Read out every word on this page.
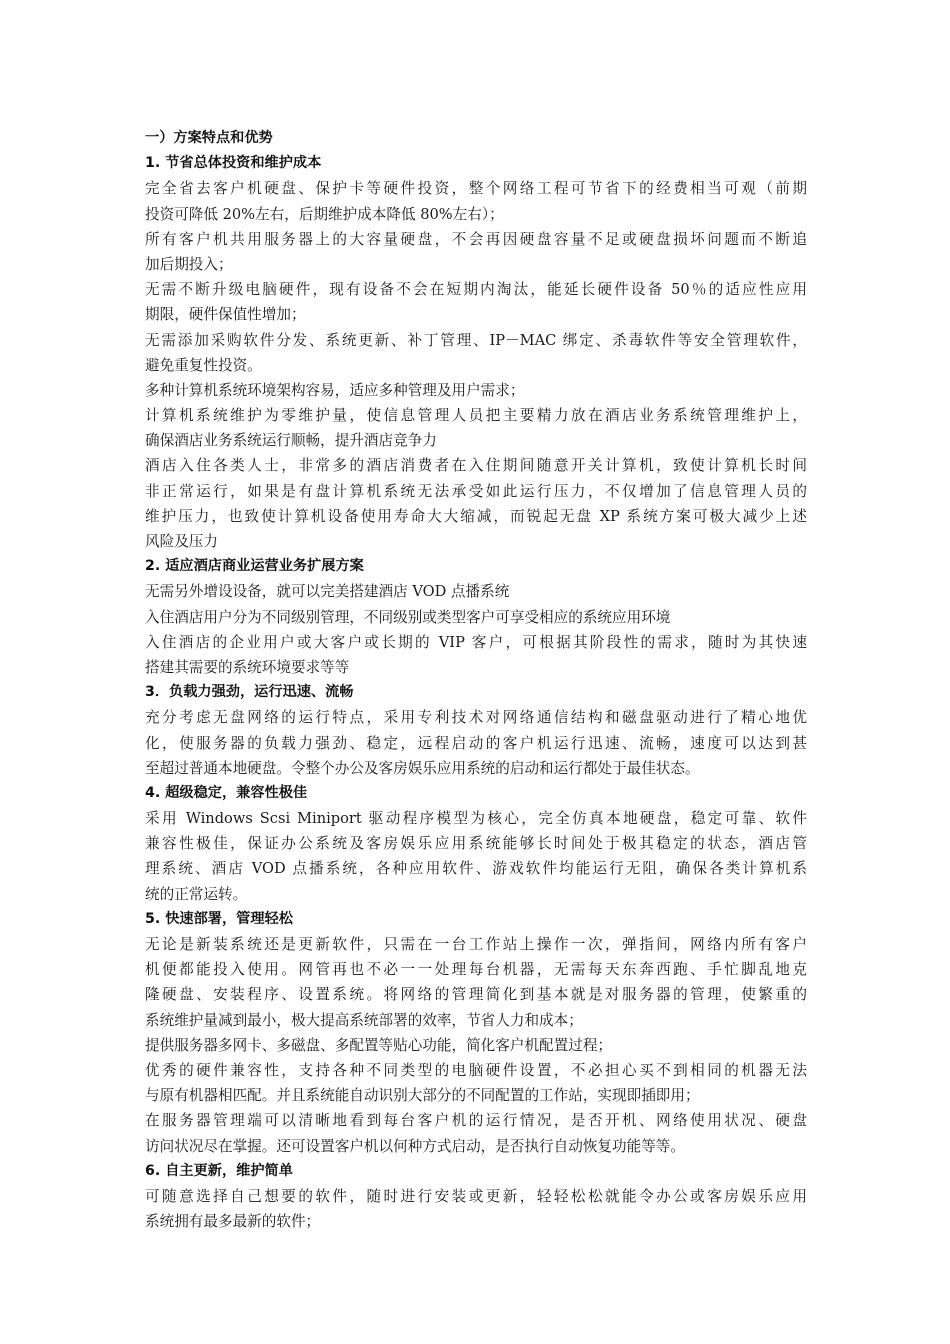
一）方案特点和优势
1. 节省总体投资和维护成本
完全省去客户机硬盘、保护卡等硬件投资，整个网络工程可节省下的经费相当可观（前期
投资可降低 20%左右，后期维护成本降低 80%左右）；
所有客户机共用服务器上的大容量硬盘，不会再因硬盘容量不足或硬盘损坏问题而不断追
加后期投入；
无需不断升级电脑硬件，现有设备不会在短期内淘汰，能延长硬件设备 50％的适应性应用
期限，硬件保值性增加；
无需添加采购软件分发、系统更新、补丁管理、IP－MAC 绑定、杀毒软件等安全管理软件，
避免重复性投资。
多种计算机系统环境架构容易，适应多种管理及用户需求；
计算机系统维护为零维护量，使信息管理人员把主要精力放在酒店业务系统管理维护上，
确保酒店业务系统运行顺畅，提升酒店竞争力
酒店入住各类人士，非常多的酒店消费者在入住期间随意开关计算机，致使计算机长时间
非正常运行，如果是有盘计算机系统无法承受如此运行压力，不仅增加了信息管理人员的
维护压力，也致使计算机设备使用寿命大大缩减，而锐起无盘 XP 系统方案可极大减少上述
风险及压力
2. 适应酒店商业运营业务扩展方案
无需另外增设设备，就可以完美搭建酒店 VOD 点播系统
入住酒店用户分为不同级别管理，不同级别或类型客户可享受相应的系统应用环境
入住酒店的企业用户或大客户或长期的 VIP 客户，可根据其阶段性的需求，随时为其快速
搭建其需要的系统环境要求等等
3．负载力强劲，运行迅速、流畅
充分考虑无盘网络的运行特点，采用专利技术对网络通信结构和磁盘驱动进行了精心地优
化，使服务器的负载力强劲、稳定，远程启动的客户机运行迅速、流畅，速度可以达到甚
至超过普通本地硬盘。令整个办公及客房娱乐应用系统的启动和运行都处于最佳状态。
4. 超级稳定，兼容性极佳
采用 Windows Scsi Miniport 驱动程序模型为核心，完全仿真本地硬盘，稳定可靠、软件
兼容性极佳，保证办公系统及客房娱乐应用系统能够长时间处于极其稳定的状态，酒店管
理系统、酒店 VOD 点播系统，各种应用软件、游戏软件均能运行无阻，确保各类计算机系
统的正常运转。
5. 快速部署，管理轻松
无论是新装系统还是更新软件，只需在一台工作站上操作一次，弹指间，网络内所有客户
机便都能投入使用。网管再也不必一一处理每台机器，无需每天东奔西跑、手忙脚乱地克
隆硬盘、安装程序、设置系统。将网络的管理简化到基本就是对服务器的管理，使繁重的
系统维护量减到最小，极大提高系统部署的效率，节省人力和成本；
提供服务器多网卡、多磁盘、多配置等贴心功能，简化客户机配置过程；
优秀的硬件兼容性，支持各种不同类型的电脑硬件设置，不必担心买不到相同的机器无法
与原有机器相匹配。并且系统能自动识别大部分的不同配置的工作站，实现即插即用；
在服务器管理端可以清晰地看到每台客户机的运行情况，是否开机、网络使用状况、硬盘
访问状况尽在掌握。还可设置客户机以何种方式启动，是否执行自动恢复功能等等。
6. 自主更新，维护简单
可随意选择自己想要的软件，随时进行安装或更新，轻轻松松就能令办公或客房娱乐应用
系统拥有最多最新的软件；
